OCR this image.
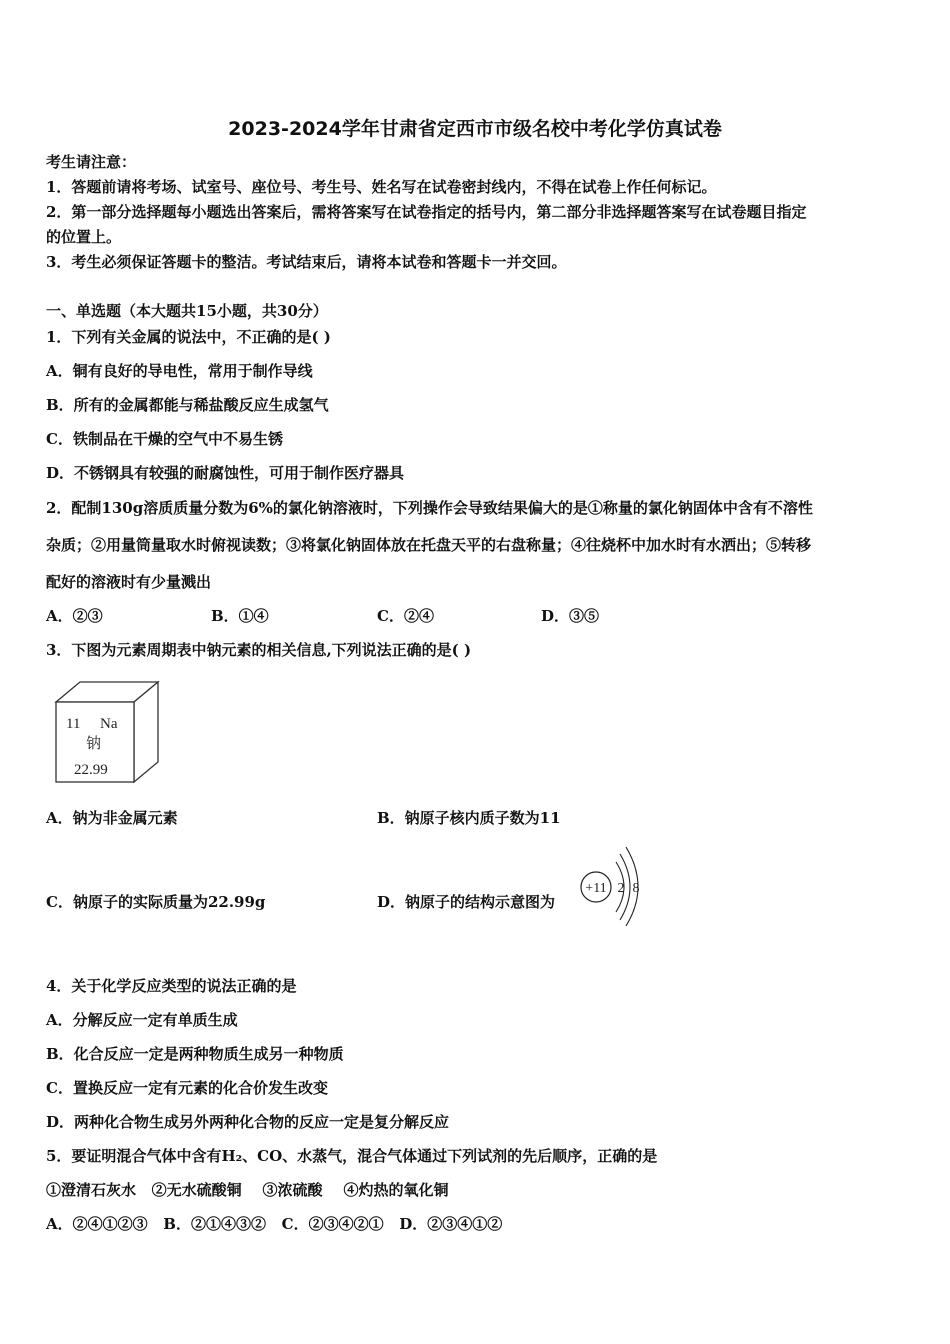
2023-2024学年甘肃省定西市市级名校中考化学仿真试卷
考生请注意：
1．答题前请将考场、试室号、座位号、考生号、姓名写在试卷密封线内，不得在试卷上作任何标记。
2．第一部分选择题每小题选出答案后，需将答案写在试卷指定的括号内，第二部分非选择题答案写在试卷题目指定
的位置上。
3．考生必须保证答题卡的整洁。考试结束后，请将本试卷和答题卡一并交回。
一、单选题（本大题共15小题，共30分）
1．下列有关金属的说法中，不正确的是( )
A．铜有良好的导电性，常用于制作导线
B．所有的金属都能与稀盐酸反应生成氢气
C．铁制品在干燥的空气中不易生锈
D．不锈钢具有较强的耐腐蚀性，可用于制作医疗器具
2．配制130g溶质质量分数为6%的氯化钠溶液时，下列操作会导致结果偏大的是①称量的氯化钠固体中含有不溶性
杂质；②用量筒量取水时俯视读数；③将氯化钠固体放在托盘天平的右盘称量；④往烧杯中加水时有水洒出；⑤转移
配好的溶液时有少量溅出
A．②③	B．①④	C．②④	D．③⑤
3．下图为元素周期表中钠元素的相关信息,下列说法正确的是( )
11 Na
钠
22.99
A．钠为非金属元素	B．钠原子核内质子数为11
C．钠原子的实际质量为22.99g	D．钠原子的结构示意图为
+11 2 8
4．关于化学反应类型的说法正确的是
A．分解反应一定有单质生成
B．化合反应一定是两种物质生成另一种物质
C．置换反应一定有元素的化合价发生改变
D．两种化合物生成另外两种化合物的反应一定是复分解反应
5．要证明混合气体中含有H₂、CO、水蒸气，混合气体通过下列试剂的先后顺序，正确的是
①澄清石灰水   ②无水硫酸铜    ③浓硫酸    ④灼热的氧化铜
A．②④①②③   B．②①④③②   C．②③④②①   D．②③④①②
